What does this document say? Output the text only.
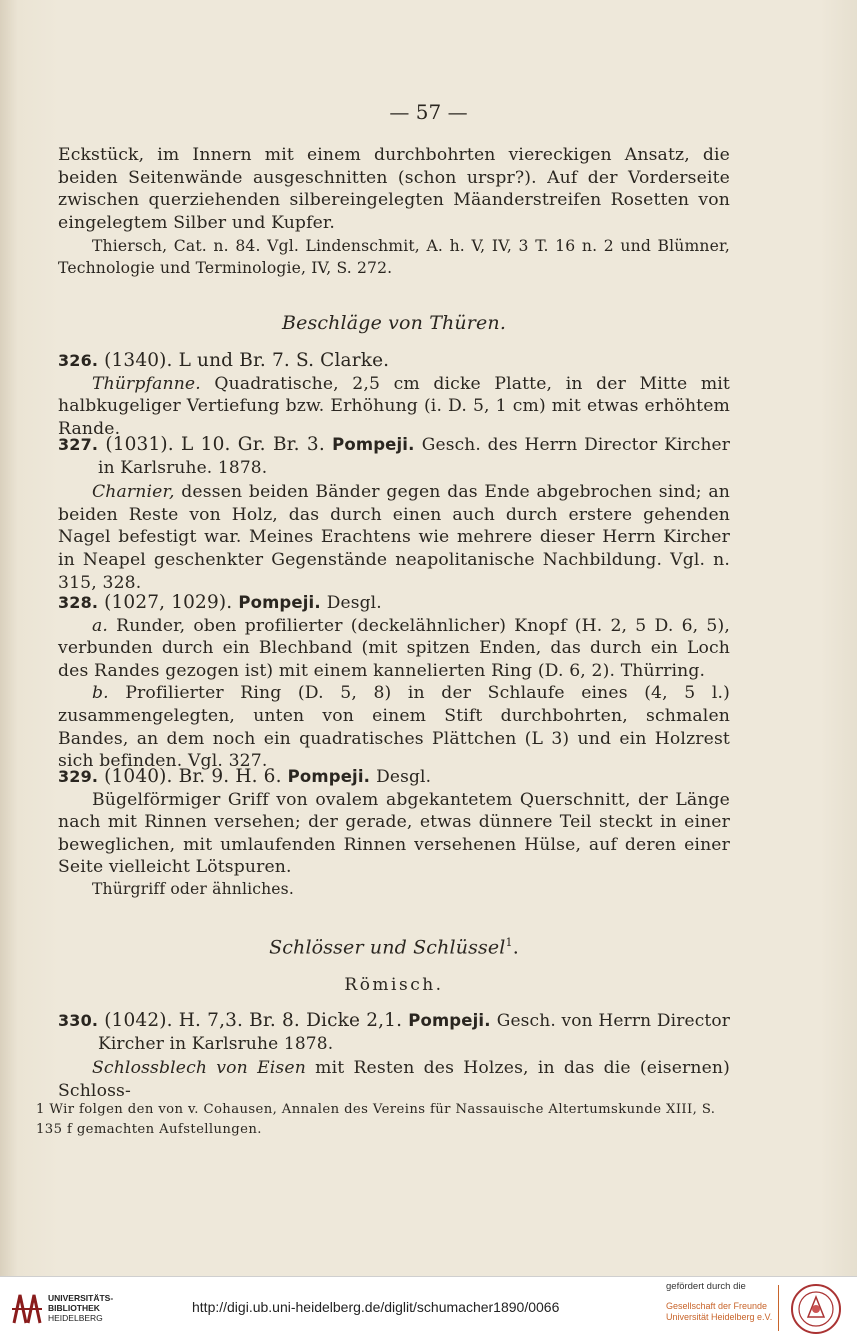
— 57 —
Eckstück, im Innern mit einem durchbohrten viereckigen Ansatz, die beiden Seitenwände ausgeschnitten (schon urspr?). Auf der Vorderseite zwischen querziehenden silbereingelegten Mäanderstreifen Rosetten von eingelegtem Silber und Kupfer.
Thiersch, Cat. n. 84. Vgl. Lindenschmit, A. h. V, IV, 3 T. 16 n. 2 und Blümner, Technologie und Terminologie, IV, S. 272.
Beschläge von Thüren.
326. (1340). L und Br. 7. S. Clarke.
Thürpfanne. Quadratische, 2,5 cm dicke Platte, in der Mitte mit halbkugeliger Vertiefung bzw. Erhöhung (i. D. 5, 1 cm) mit etwas erhöhtem Rande.
327. (1031). L 10. Gr. Br. 3. Pompeji. Gesch. des Herrn Director Kircher in Karlsruhe. 1878.
Charnier, dessen beiden Bänder gegen das Ende abgebrochen sind; an beiden Reste von Holz, das durch einen auch durch erstere gehenden Nagel befestigt war. Meines Erachtens wie mehrere dieser Herrn Kircher in Neapel geschenkter Gegenstände neapolitanische Nachbildung. Vgl. n. 315, 328.
328. (1027, 1029). Pompeji. Desgl.
a. Runder, oben profilierter (deckelähnlicher) Knopf (H. 2, 5 D. 6, 5), verbunden durch ein Blechband (mit spitzen Enden, das durch ein Loch des Randes gezogen ist) mit einem kannelierten Ring (D. 6, 2). Thürring.
b. Profilierter Ring (D. 5, 8) in der Schlaufe eines (4, 5 l.) zusammengelegten, unten von einem Stift durchbohrten, schmalen Bandes, an dem noch ein quadratisches Plättchen (L 3) und ein Holzrest sich befinden. Vgl. 327.
329. (1040). Br. 9. H. 6. Pompeji. Desgl.
Bügelförmiger Griff von ovalem abgekantetem Querschnitt, der Länge nach mit Rinnen versehen; der gerade, etwas dünnere Teil steckt in einer beweglichen, mit umlaufenden Rinnen versehenen Hülse, auf deren einer Seite vielleicht Lötspuren.
Thürgriff oder ähnliches.
Schlösser und Schlüssel$^1$.
Römisch.
330. (1042). H. 7,3. Br. 8. Dicke 2,1. Pompeji. Gesch. von Herrn Director Kircher in Karlsruhe 1878.
Schlossblech von Eisen mit Resten des Holzes, in das die (eisernen) Schloss-
1 Wir folgen den von v. Cohausen, Annalen des Vereins für Nassauische Altertumskunde XIII, S. 135 f gemachten Aufstellungen.
UNIVERSITÄTS-
BIBLIOTHEK
HEIDELBERG
http://digi.ub.uni-heidelberg.de/diglit/schumacher1890/0066
gefördert durch die
Gesellschaft der Freunde
Universität Heidelberg e.V.
